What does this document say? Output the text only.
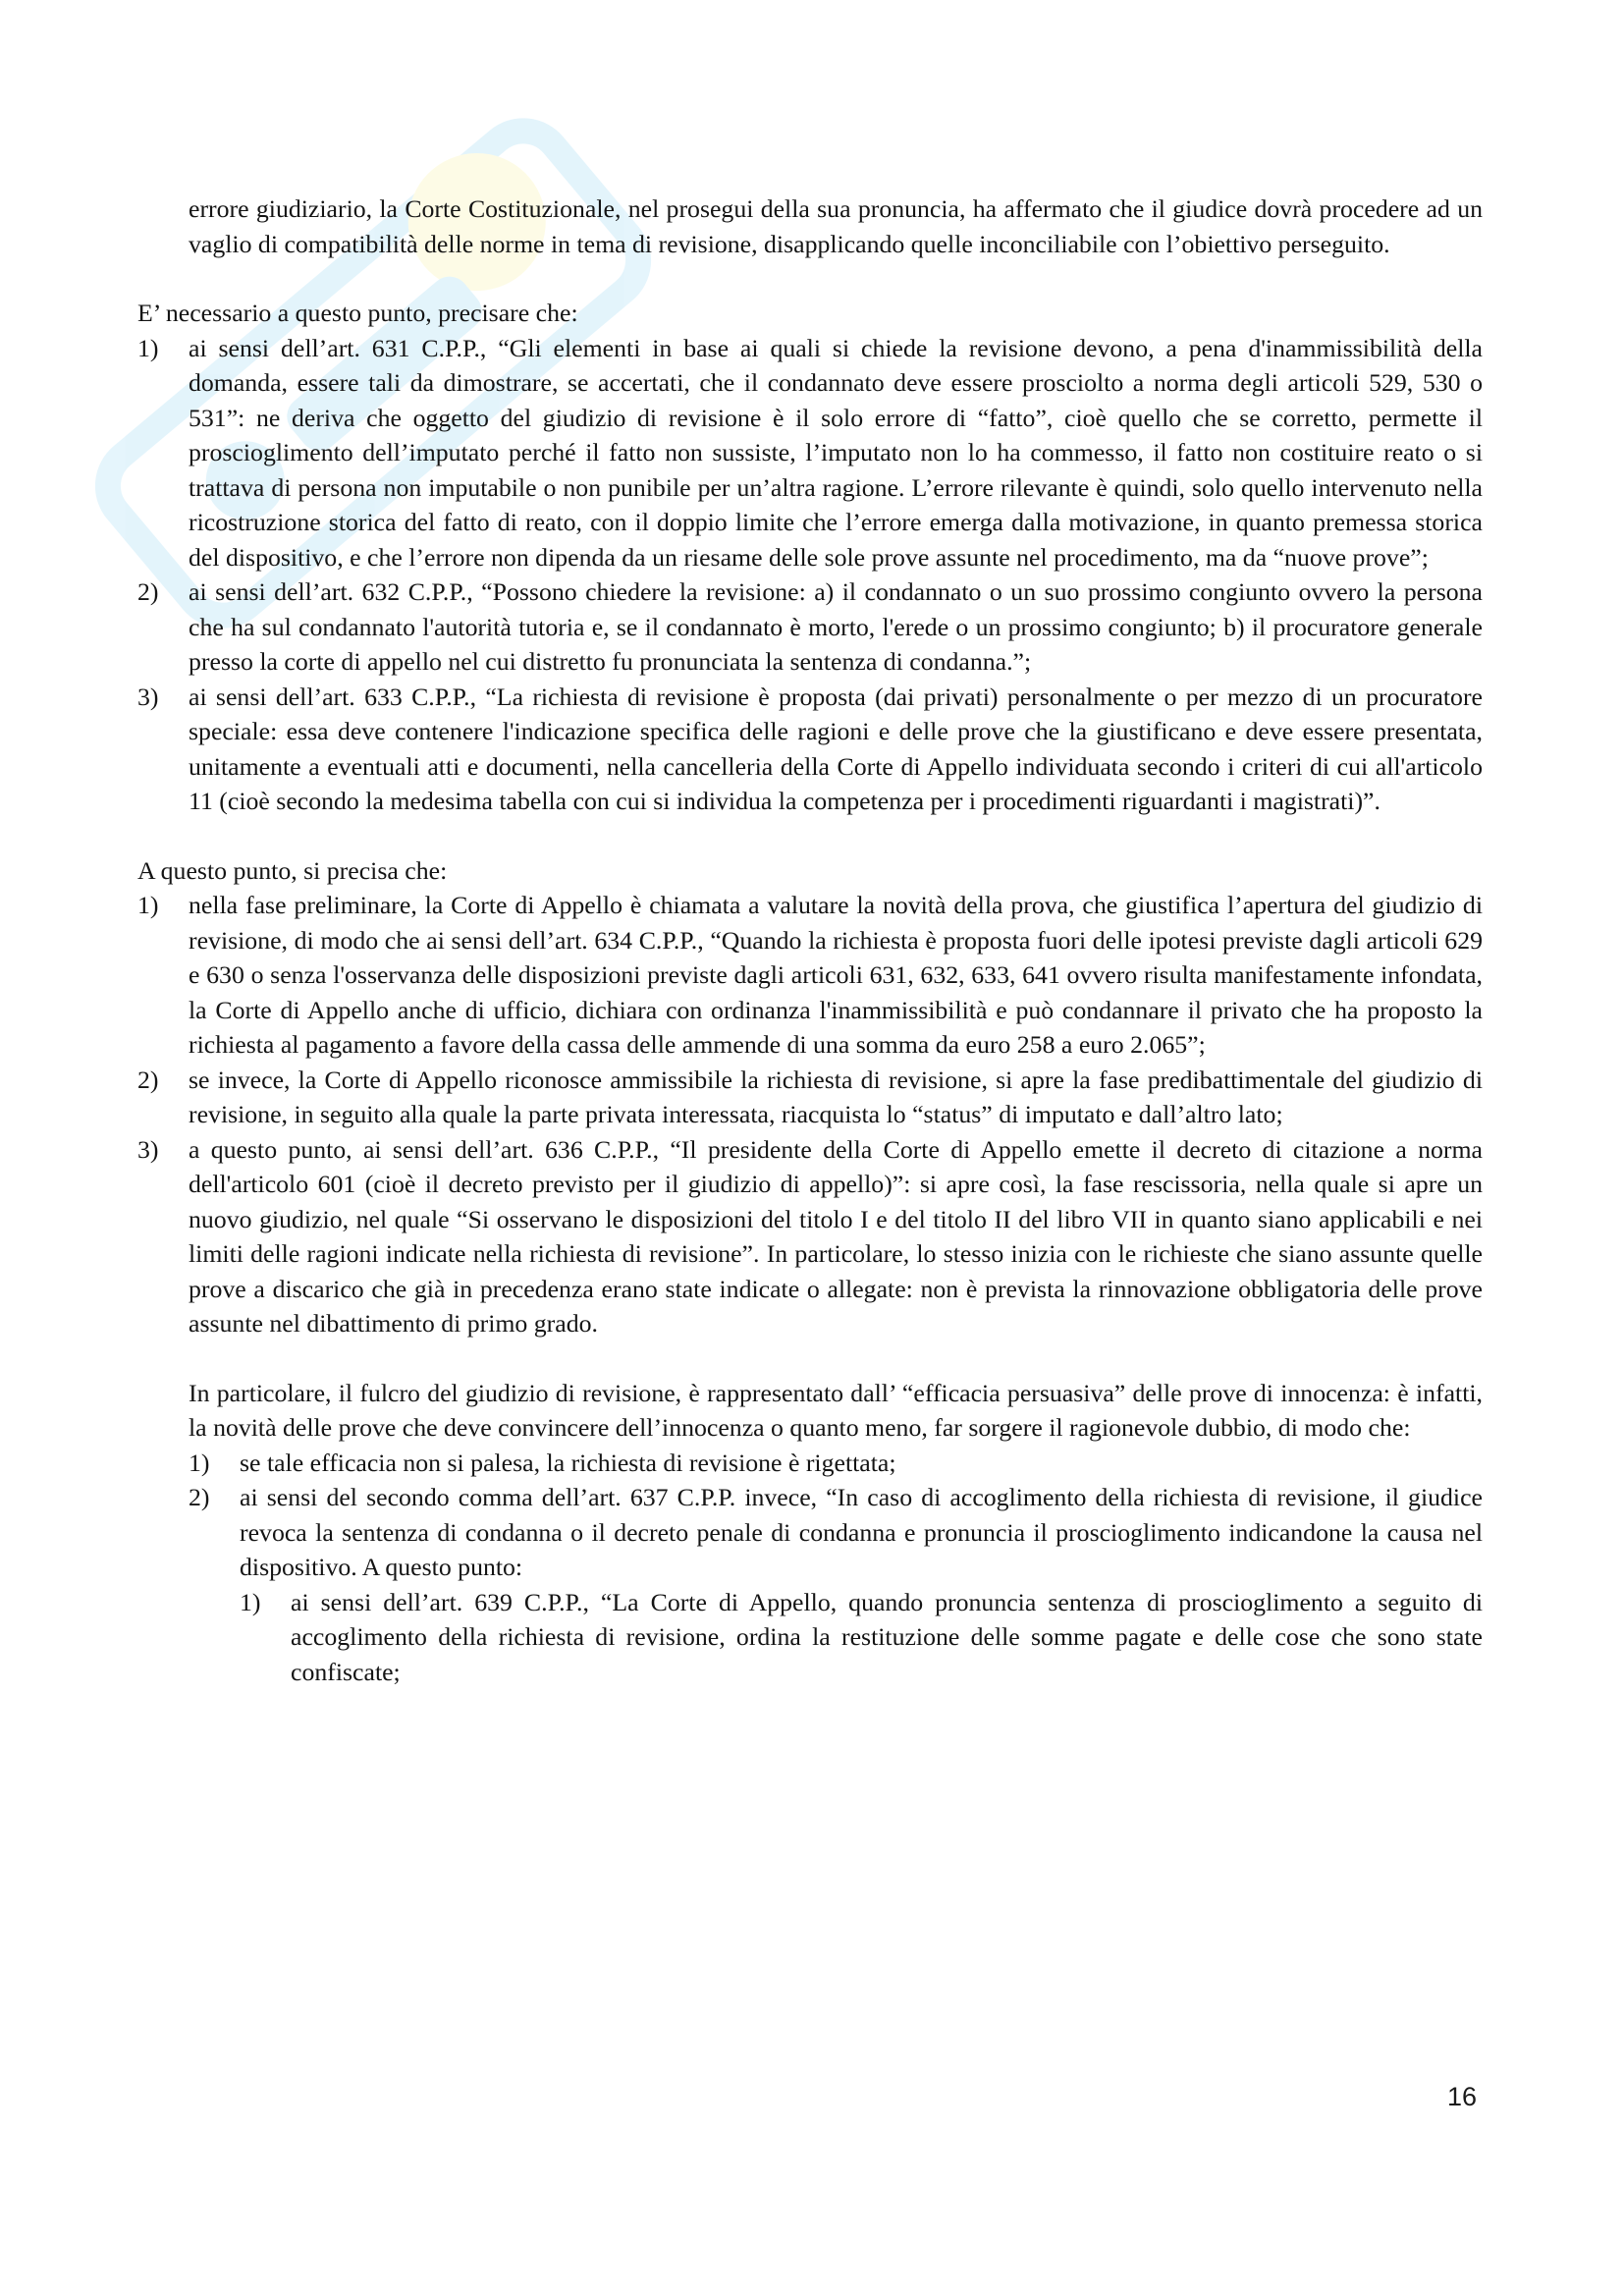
errore giudiziario, la Corte Costituzionale, nel prosegui della sua pronuncia, ha affermato che il giudice dovrà procedere ad un vaglio di compatibilità delle norme in tema di revisione, disapplicando quelle inconciliabile con l’obiettivo perseguito.

E’ necessario a questo punto, precisare che:

1) ai sensi dell’art. 631 C.P.P., “Gli elementi in base ai quali si chiede la revisione devono, a pena d'inammissibilità della domanda, essere tali da dimostrare, se accertati, che il condannato deve essere prosciolto a norma degli articoli 529, 530 o 531”: ne deriva che oggetto del giudizio di revisione è il solo errore di “fatto”, cioè quello che se corretto, permette il proscioglimento dell’imputato perché il fatto non sussiste, l’imputato non lo ha commesso, il fatto non costituire reato o si trattava di persona non imputabile o non punibile per un’altra ragione. L’errore rilevante è quindi, solo quello intervenuto nella ricostruzione storica del fatto di reato, con il doppio limite che l’errore emerga dalla motivazione, in quanto premessa storica del dispositivo, e che l’errore non dipenda da un riesame delle sole prove assunte nel procedimento, ma da “nuove prove”;
2) ai sensi dell’art. 632 C.P.P., “Possono chiedere la revisione: a) il condannato o un suo prossimo congiunto ovvero la persona che ha sul condannato l'autorità tutoria e, se il condannato è morto, l'erede o un prossimo congiunto; b) il procuratore generale presso la corte di appello nel cui distretto fu pronunciata la sentenza di condanna.”;
3) ai sensi dell’art. 633 C.P.P., “La richiesta di revisione è proposta (dai privati) personalmente o per mezzo di un procuratore speciale: essa deve contenere l'indicazione specifica delle ragioni e delle prove che la giustificano e deve essere presentata, unitamente a eventuali atti e documenti, nella cancelleria della Corte di Appello individuata secondo i criteri di cui all'articolo 11 (cioè secondo la medesima tabella con cui si individua la competenza per i procedimenti riguardanti i magistrati)”.

A questo punto, si precisa che:

1) nella fase preliminare, la Corte di Appello è chiamata a valutare la novità della prova, che giustifica l’apertura del giudizio di revisione, di modo che ai sensi dell’art. 634 C.P.P., “Quando la richiesta è proposta fuori delle ipotesi previste dagli articoli 629 e 630 o senza l'osservanza delle disposizioni previste dagli articoli 631, 632, 633, 641 ovvero risulta manifestamente infondata, la Corte di Appello anche di ufficio, dichiara con ordinanza l'inammissibilità e può condannare il privato che ha proposto la richiesta al pagamento a favore della cassa delle ammende di una somma da euro 258 a euro 2.065”;
2) se invece, la Corte di Appello riconosce ammissibile la richiesta di revisione, si apre la fase predibattimentale del giudizio di revisione, in seguito alla quale la parte privata interessata, riacquista lo “status” di imputato e dall’altro lato;
3) a questo punto, ai sensi dell’art. 636 C.P.P., “Il presidente della Corte di Appello emette il decreto di citazione a norma dell'articolo 601 (cioè il decreto previsto per il giudizio di appello)”: si apre così, la fase rescissoria, nella quale si apre un nuovo giudizio, nel quale “Si osservano le disposizioni del titolo I e del titolo II del libro VII in quanto siano applicabili e nei limiti delle ragioni indicate nella richiesta di revisione”. In particolare, lo stesso inizia con le richieste che siano assunte quelle prove a discarico che già in precedenza erano state indicate o allegate: non è prevista la rinnovazione obbligatoria delle prove assunte nel dibattimento di primo grado.

In particolare, il fulcro del giudizio di revisione, è rappresentato dall’ “efficacia persuasiva” delle prove di innocenza: è infatti, la novità delle prove che deve convincere dell’innocenza o quanto meno, far sorgere il ragionevole dubbio, di modo che:

1) se tale efficacia non si palesa, la richiesta di revisione è rigettata;
2) ai sensi del secondo comma dell’art. 637 C.P.P. invece, “In caso di accoglimento della richiesta di revisione, il giudice revoca la sentenza di condanna o il decreto penale di condanna e pronuncia il proscioglimento indicandone la causa nel dispositivo. A questo punto:
1) ai sensi dell’art. 639 C.P.P., “La Corte di Appello, quando pronuncia sentenza di proscioglimento a seguito di accoglimento della richiesta di revisione, ordina la restituzione delle somme pagate e delle cose che sono state confiscate;
16
